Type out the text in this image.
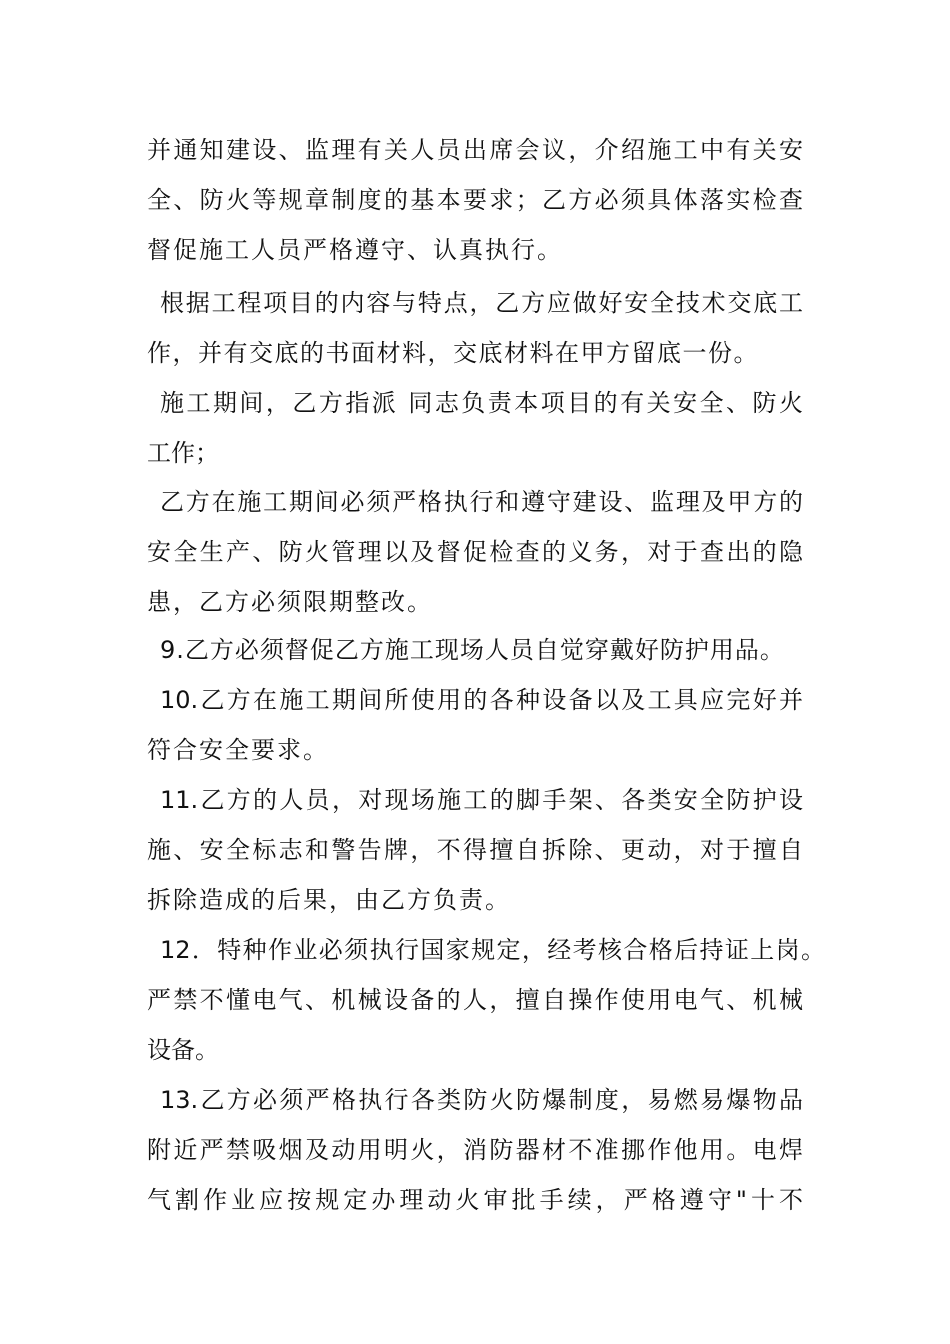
并通知建设、监理有关人员出席会议，介绍施工中有关安
全、防火等规章制度的基本要求；乙方必须具体落实检查
督促施工人员严格遵守、认真执行。
根据工程项目的内容与特点，乙方应做好安全技术交底工
作，并有交底的书面材料，交底材料在甲方留底一份。
施工期间，乙方指派 同志负责本项目的有关安全、防火
工作；
乙方在施工期间必须严格执行和遵守建设、监理及甲方的
安全生产、防火管理以及督促检查的义务，对于查出的隐
患，乙方必须限期整改。
9.乙方必须督促乙方施工现场人员自觉穿戴好防护用品。
10.乙方在施工期间所使用的各种设备以及工具应完好并
符合安全要求。
11.乙方的人员，对现场施工的脚手架、各类安全防护设
施、安全标志和警告牌，不得擅自拆除、更动，对于擅自
拆除造成的后果，由乙方负责。
12．特种作业必须执行国家规定，经考核合格后持证上岗。
严禁不懂电气、机械设备的人，擅自操作使用电气、机械
设备。
13.乙方必须严格执行各类防火防爆制度，易燃易爆物品
附近严禁吸烟及动用明火，消防器材不准挪作他用。电焊
气割作业应按规定办理动火审批手续，严格遵守"十不
